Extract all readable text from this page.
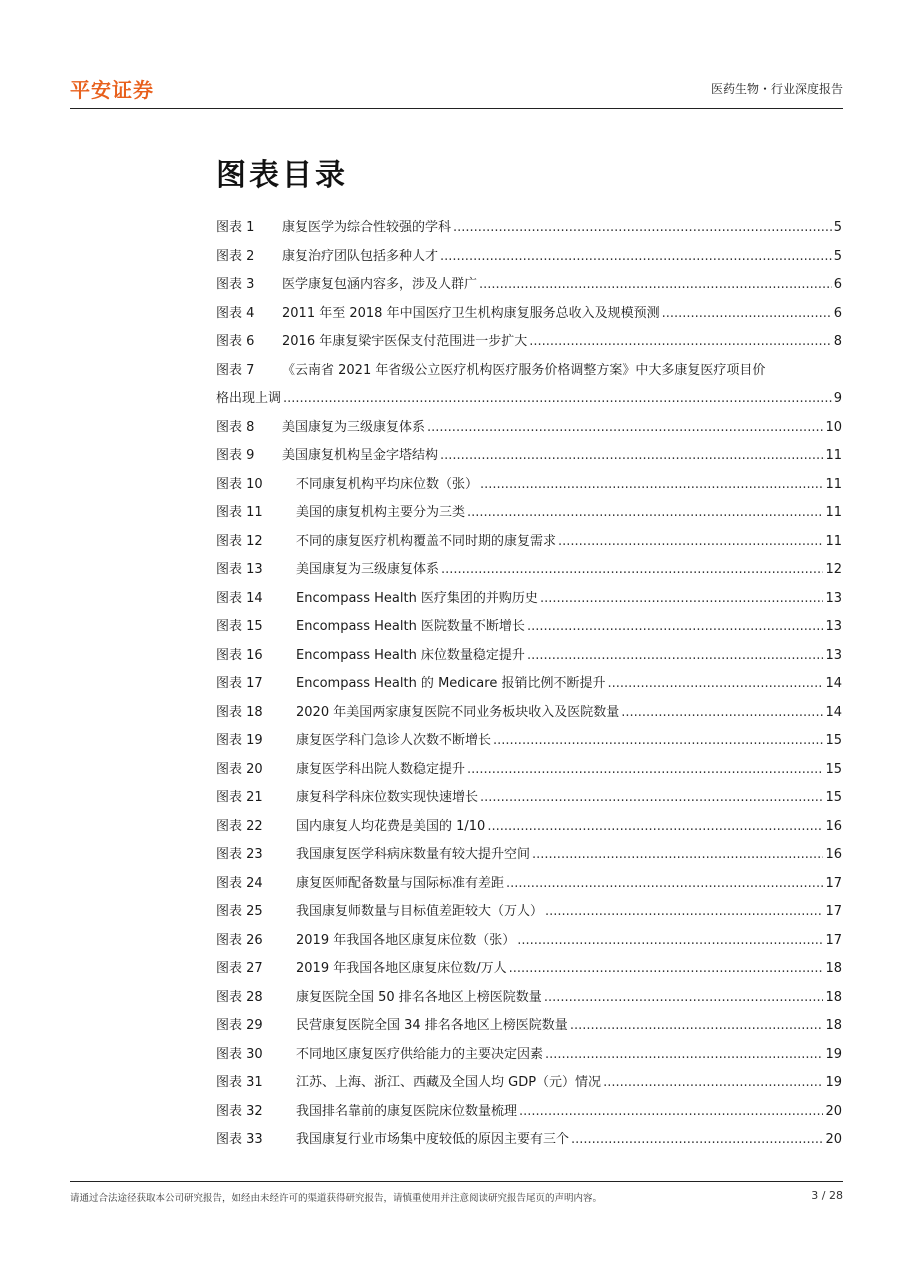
平安证券	医药生物・行业深度报告
图表目录
图表 1	康复医学为综合性较强的学科 .....	5
图表 2	康复治疗团队包括多种人才 .....	5
图表 3	医学康复包涵内容多，涉及人群广 .....	6
图表 4	2011 年至 2018 年中国医疗卫生机构康复服务总收入及规模预测 .....	6
图表 6	2016 年康复梁宇医保支付范围进一步扩大 .....	8
图表 7 《云南省 2021 年省级公立医疗机构医疗服务价格调整方案》中大多康复医疗项目价
格出现上调 .....	9
图表 8	美国康复为三级康复体系 .....	10
图表 9	美国康复机构呈金字塔结构 .....	11
图表 10	不同康复机构平均床位数（张） .....	11
图表 11	美国的康复机构主要分为三类 .....	11
图表 12	不同的康复医疗机构覆盖不同时期的康复需求 .....	11
图表 13	美国康复为三级康复体系 .....	12
图表 14	Encompass Health 医疗集团的并购历史 .....	13
图表 15	Encompass Health 医院数量不断增长 .....	13
图表 16	Encompass Health 床位数量稳定提升 .....	13
图表 17	Encompass Health 的 Medicare 报销比例不断提升 .....	14
图表 18	2020 年美国两家康复医院不同业务板块收入及医院数量 .....	14
图表 19	康复医学科门急诊人次数不断增长 .....	15
图表 20	康复医学科出院人数稳定提升 .....	15
图表 21	康复科学科床位数实现快速增长 .....	15
图表 22	国内康复人均花费是美国的 1/10 .....	16
图表 23	我国康复医学科病床数量有较大提升空间 .....	16
图表 24	康复医师配备数量与国际标准有差距 .....	17
图表 25	我国康复师数量与目标值差距较大（万人） .....	17
图表 26	2019 年我国各地区康复床位数（张） .....	17
图表 27	2019 年我国各地区康复床位数/万人 .....	18
图表 28	康复医院全国 50 排名各地区上榜医院数量 .....	18
图表 29	民营康复医院全国 34 排名各地区上榜医院数量 .....	18
图表 30	不同地区康复医疗供给能力的主要决定因素 .....	19
图表 31	江苏、上海、浙江、西藏及全国人均 GDP（元）情况 .....	19
图表 32	我国排名靠前的康复医院床位数量梳理 .....	20
图表 33	我国康复行业市场集中度较低的原因主要有三个 .....	20
请通过合法途径获取本公司研究报告，如经由未经许可的渠道获得研究报告，请慎重使用并注意阅读研究报告尾页的声明内容。	3 / 28
